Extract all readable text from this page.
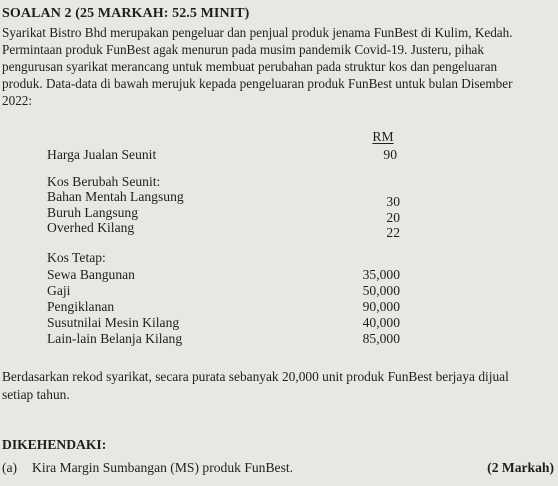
SOALAN 2 (25 MARKAH: 52.5 MINIT)
Syarikat Bistro Bhd merupakan pengeluar dan penjual produk jenama FunBest di Kulim, Kedah.
Permintaan produk FunBest agak menurun pada musim pandemik Covid-19. Justeru, pihak
pengurusan syarikat merancang untuk membuat perubahan pada struktur kos dan pengeluaran
produk. Data-data di bawah merujuk kepada pengeluaran produk FunBest untuk bulan Disember
2022:
RM
Harga Jualan Seunit	90
Kos Berubah Seunit:
Bahan Mentah Langsung	30
Buruh Langsung	20
Overhed Kilang	22
Kos Tetap:
Sewa Bangunan	35,000
Gaji	50,000
Pengiklanan	90,000
Susutnilai Mesin Kilang	40,000
Lain-lain Belanja Kilang	85,000
Berdasarkan rekod syarikat, secara purata sebanyak 20,000 unit produk FunBest berjaya dijual
setiap tahun.
DIKEHENDAKI:
(a) Kira Margin Sumbangan (MS) produk FunBest.	(2 Markah)
